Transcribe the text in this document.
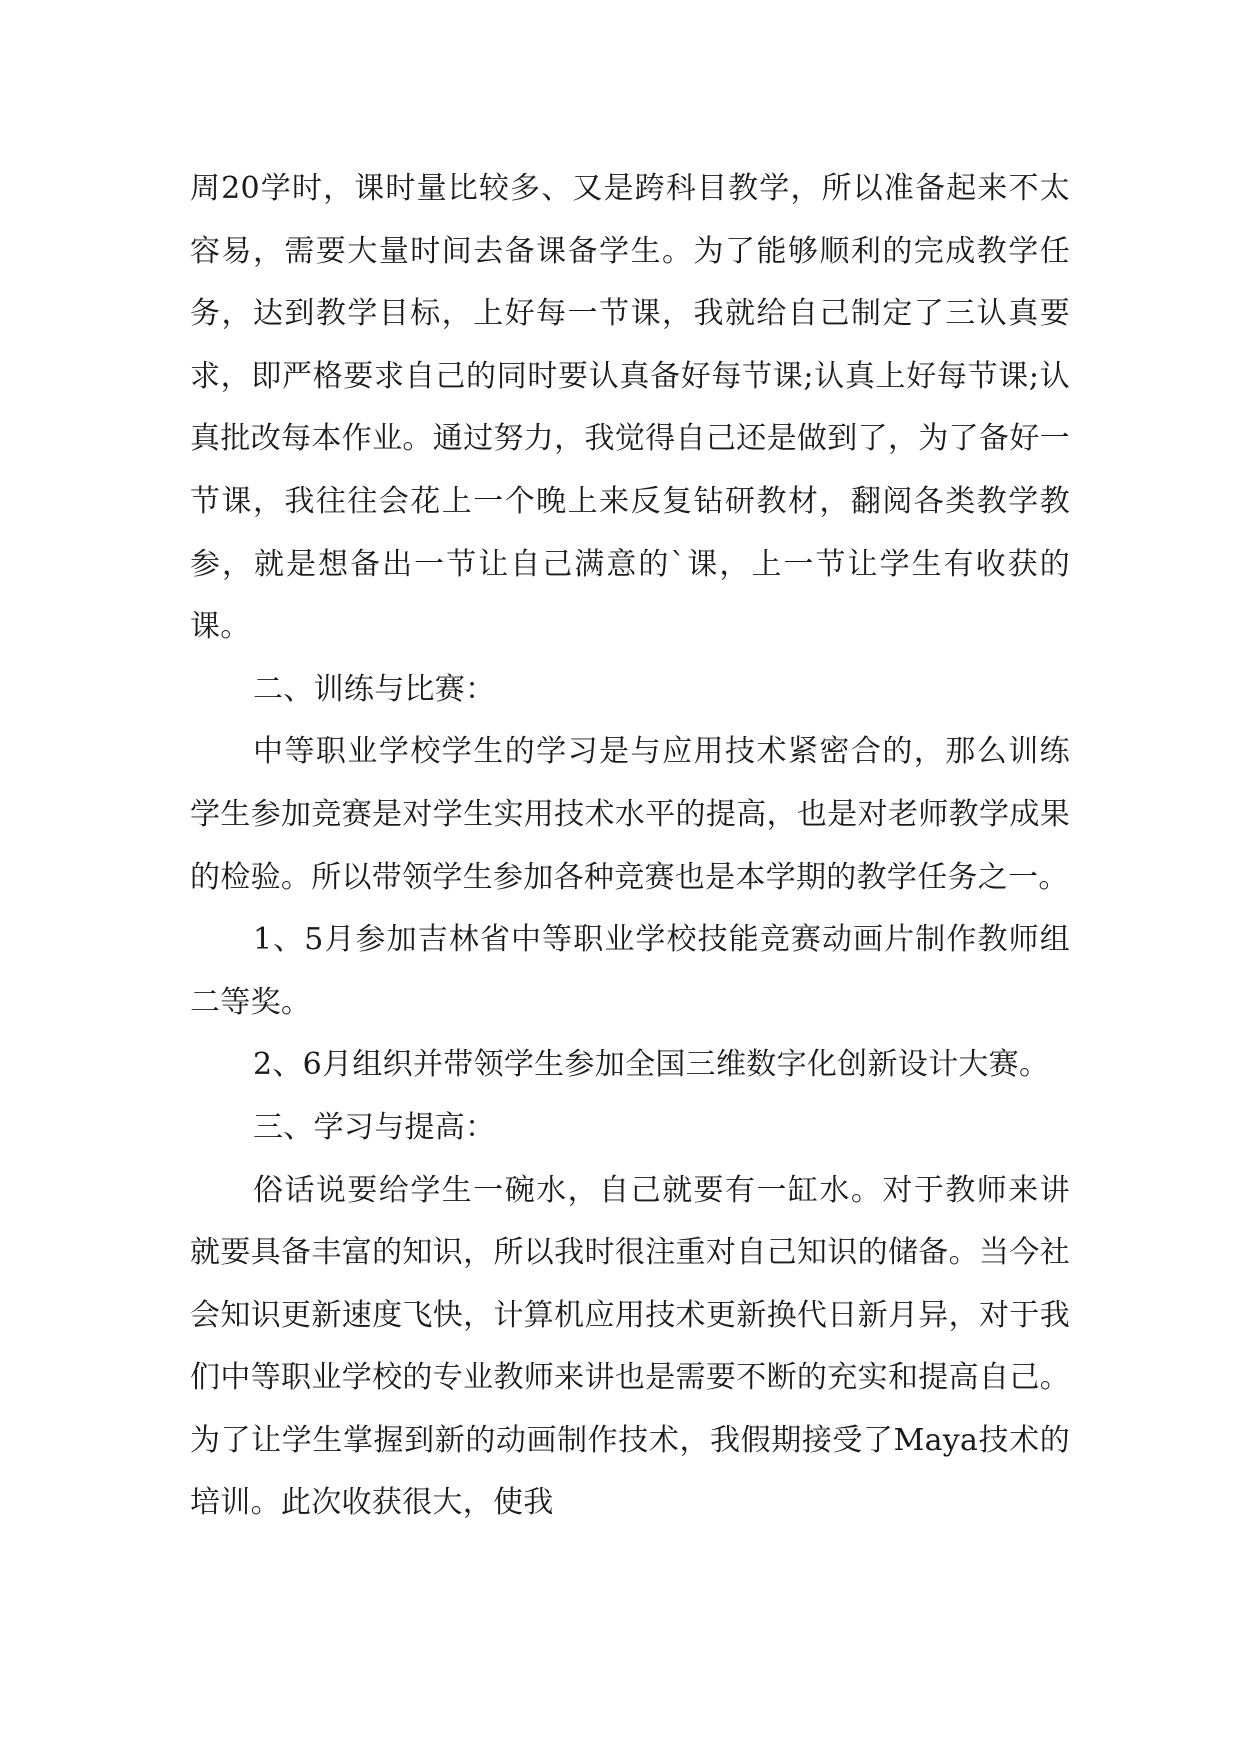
周20学时，课时量比较多、又是跨科目教学，所以准备起来不太容易，需要大量时间去备课备学生。为了能够顺利的完成教学任务，达到教学目标，上好每一节课，我就给自己制定了三认真要求，即严格要求自己的同时要认真备好每节课;认真上好每节课;认真批改每本作业。通过努力，我觉得自己还是做到了，为了备好一节课，我往往会花上一个晚上来反复钻研教材，翻阅各类教学教参，就是想备出一节让自己满意的`课，上一节让学生有收获的课。

二、训练与比赛：

中等职业学校学生的学习是与应用技术紧密合的，那么训练学生参加竞赛是对学生实用技术水平的提高，也是对老师教学成果的检验。所以带领学生参加各种竞赛也是本学期的教学任务之一。

1、5月参加吉林省中等职业学校技能竞赛动画片制作教师组二等奖。

2、6月组织并带领学生参加全国三维数字化创新设计大赛。

三、学习与提高：

俗话说要给学生一碗水，自己就要有一缸水。对于教师来讲就要具备丰富的知识，所以我时很注重对自己知识的储备。当今社会知识更新速度飞快，计算机应用技术更新换代日新月异，对于我们中等职业学校的专业教师来讲也是需要不断的充实和提高自己。为了让学生掌握到新的动画制作技术，我假期接受了Maya技术的培训。此次收获很大，使我
